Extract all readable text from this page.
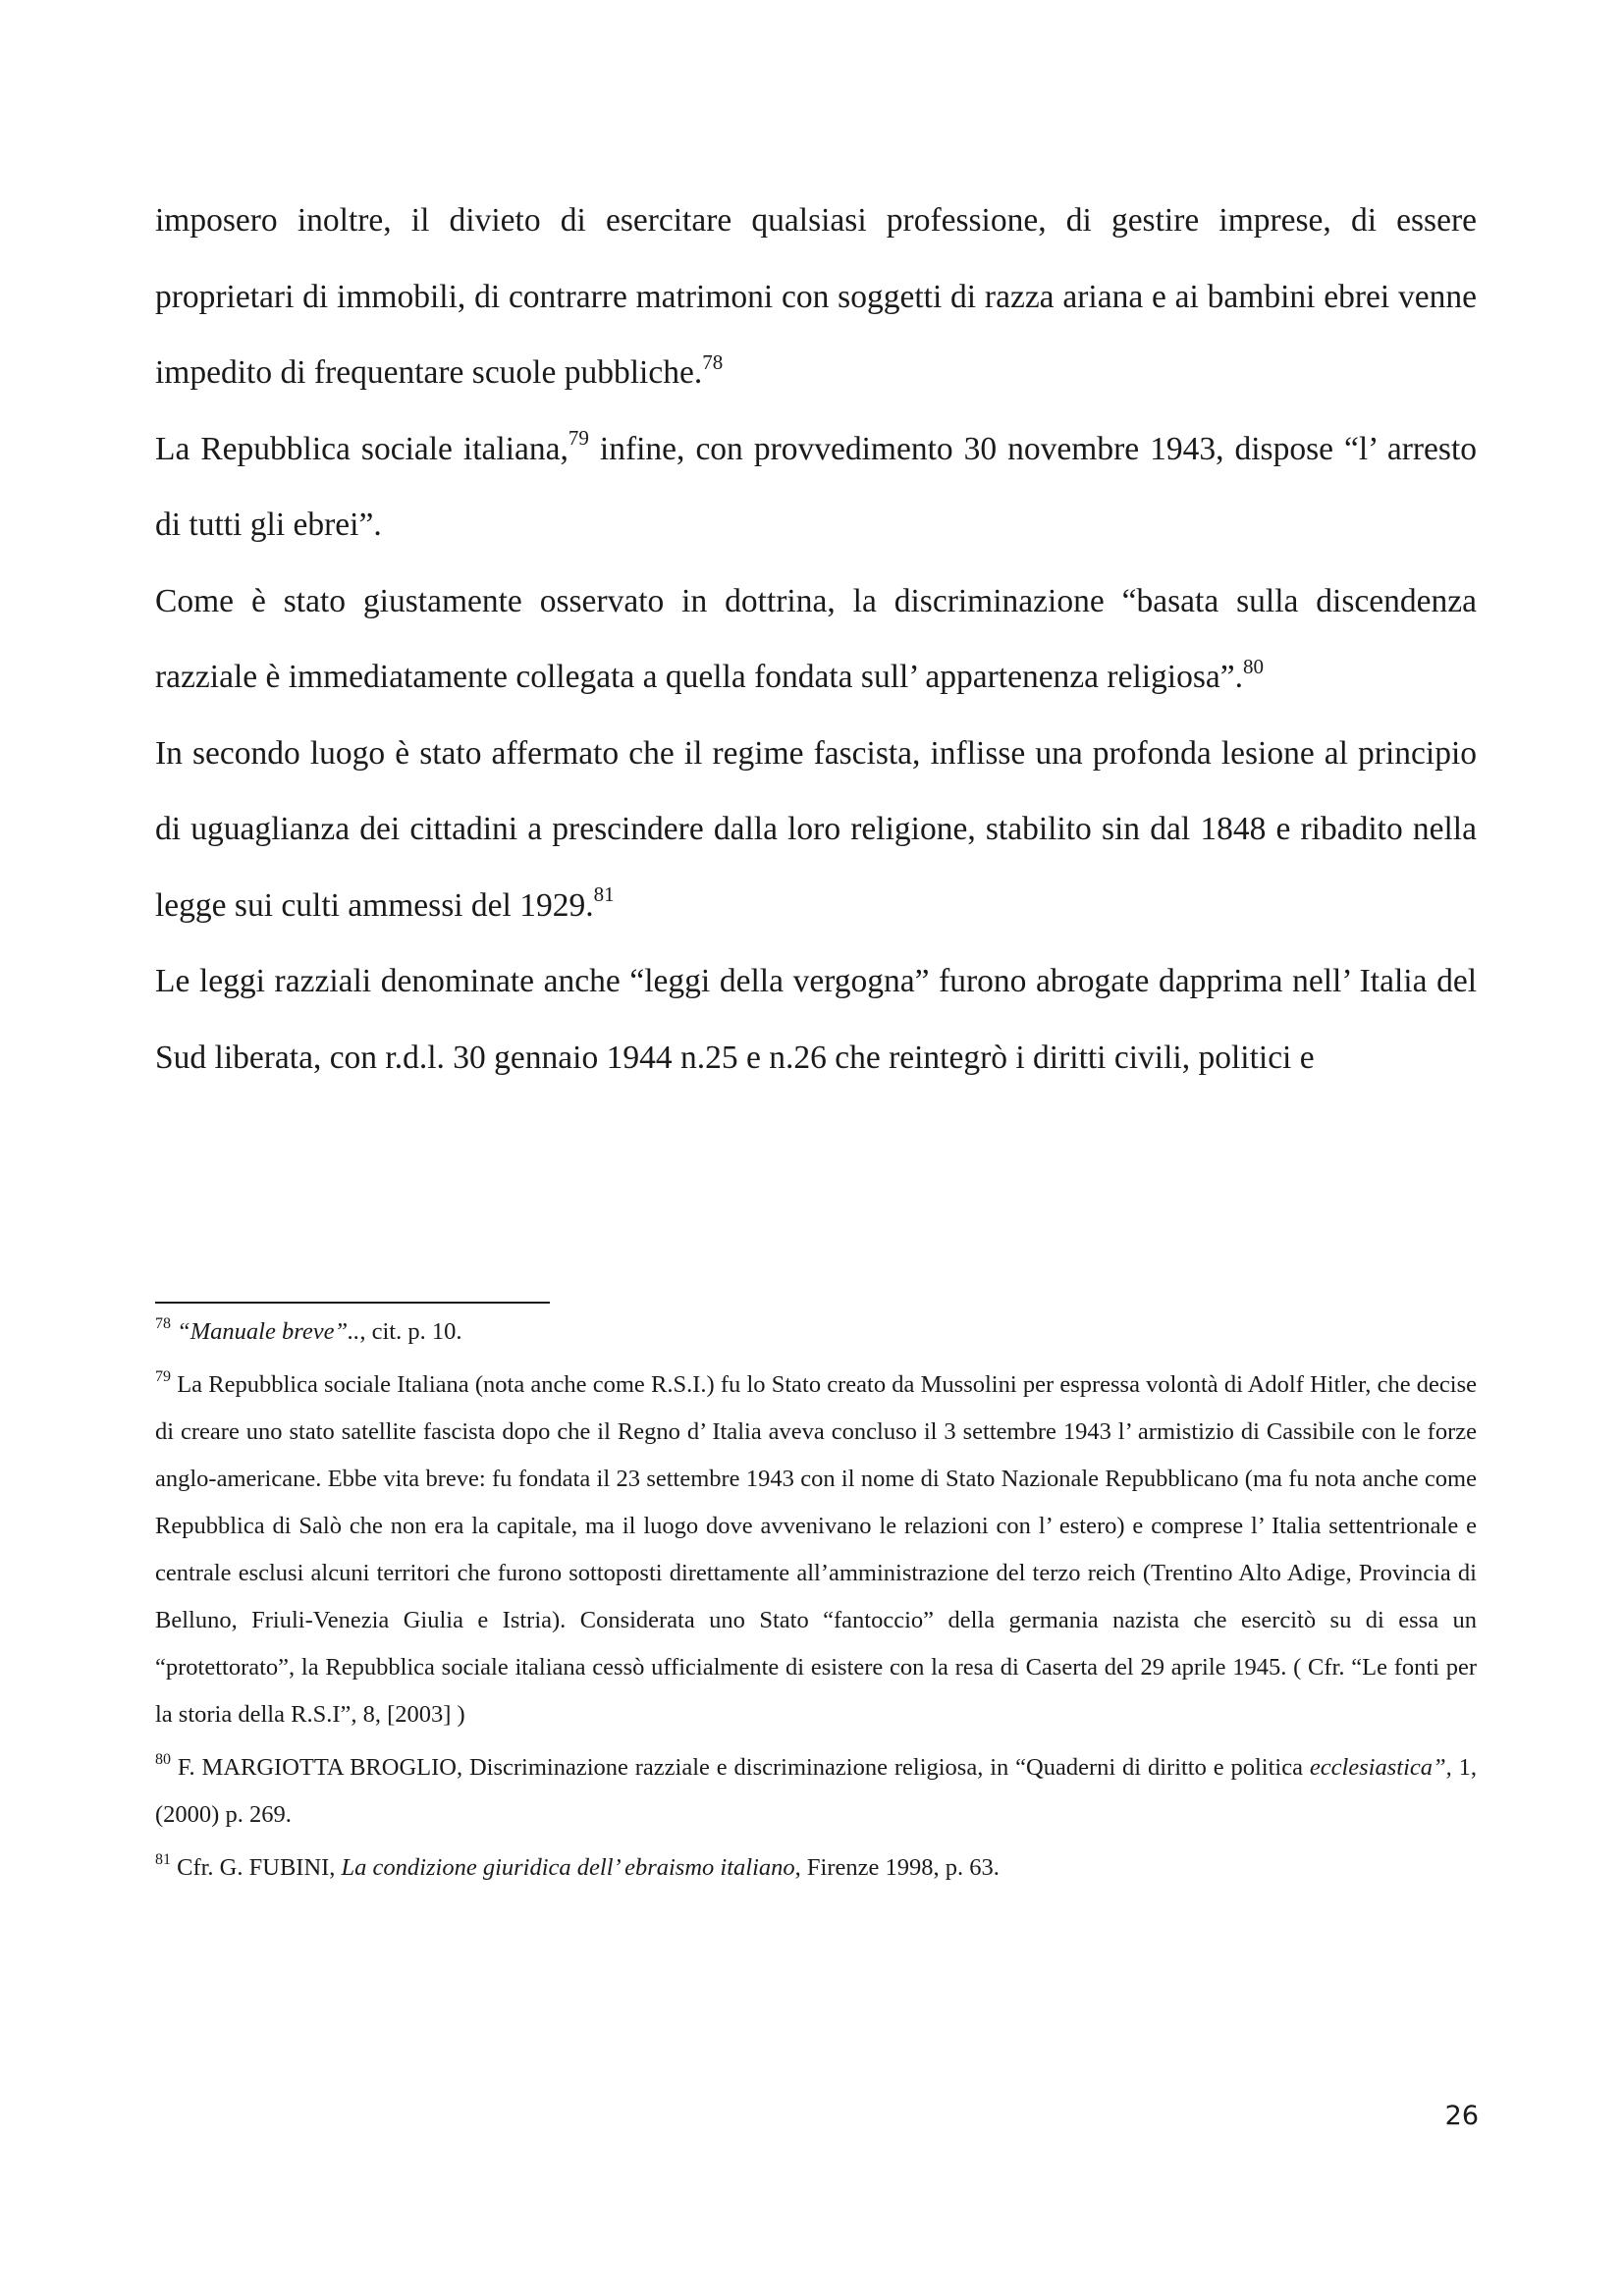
imposero inoltre, il divieto di esercitare qualsiasi professione, di gestire imprese, di essere proprietari di immobili, di contrarre matrimoni con soggetti di razza ariana e ai bambini ebrei venne impedito di frequentare scuole pubbliche.$^{78}$

La Repubblica sociale italiana,$^{79}$ infine, con provvedimento 30 novembre 1943, dispose “l’ arresto di tutti gli ebrei”.

Come è stato giustamente osservato in dottrina, la discriminazione “basata sulla discendenza razziale è immediatamente collegata a quella fondata sull’ appartenenza religiosa”.$^{80}$

In secondo luogo è stato affermato che il regime fascista, inflisse una profonda lesione al principio di uguaglianza dei cittadini a prescindere dalla loro religione, stabilito sin dal 1848 e ribadito nella legge sui culti ammessi del 1929.81

Le leggi razziali denominate anche “leggi della vergogna” furono abrogate dapprima nell’ Italia del Sud liberata, con r.d.l. 30 gennaio 1944 n.25 e n.26 che reintegrò i diritti civili, politici e

$^{78}$ “Manuale breve”.., cit. p. 10.

$^{79}$ La Repubblica sociale Italiana (nota anche come R.S.I.) fu lo Stato creato da Mussolini per espressa volontà di Adolf Hitler, che decise di creare uno stato satellite fascista dopo che il Regno d’ Italia aveva concluso il 3 settembre 1943 l’ armistizio di Cassibile con le forze anglo-americane. Ebbe vita breve: fu fondata il 23 settembre 1943 con il nome di Stato Nazionale Repubblicano (ma fu nota anche come Repubblica di Salò che non era la capitale, ma il luogo dove avvenivano le relazioni con l’ estero) e comprese l’ Italia settentrionale e centrale esclusi alcuni territori che furono sottoposti direttamente all’amministrazione del terzo reich (Trentino Alto Adige, Provincia di Belluno, Friuli-Venezia Giulia e Istria). Considerata uno Stato “fantoccio” della germania nazista che esercitò su di essa un “protettorato”, la Repubblica sociale italiana cessò ufficialmente di esistere con la resa di Caserta del 29 aprile 1945. ( Cfr. “Le fonti per la storia della R.S.I”, 8, [2003] )

$^{80}$ F. MARGIOTTA BROGLIO, Discriminazione razziale e discriminazione religiosa, in “Quaderni di diritto e politica ecclesiastica”, 1, (2000) p. 269.

$^{81}$ Cfr. G. FUBINI, La condizione giuridica dell’ ebraismo italiano, Firenze 1998, p. 63.

26
